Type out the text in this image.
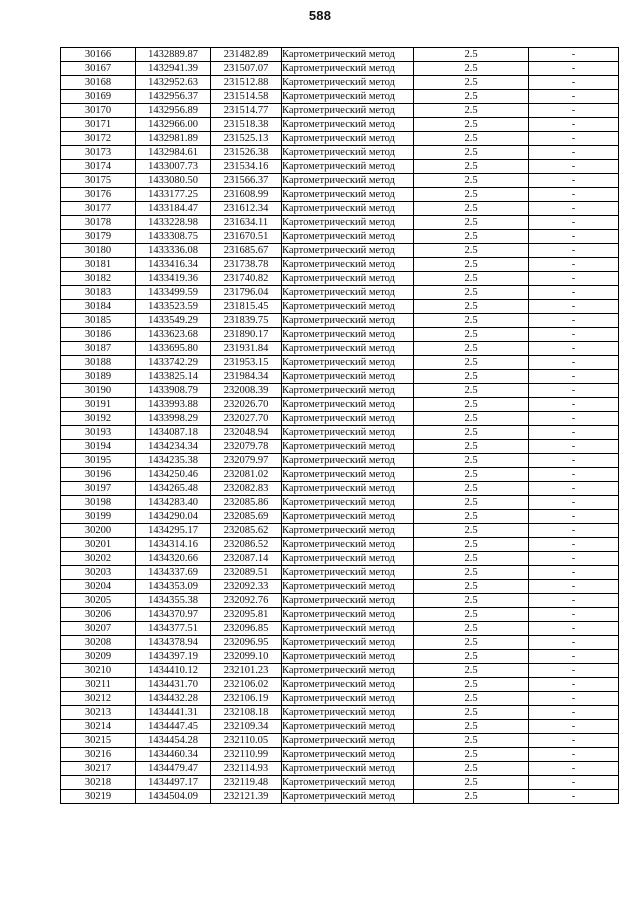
588
30166	1432889.87	231482.89	Картометрический метод	2.5	-
30167	1432941.39	231507.07	Картометрический метод	2.5	-
30168	1432952.63	231512.88	Картометрический метод	2.5	-
30169	1432956.37	231514.58	Картометрический метод	2.5	-
30170	1432956.89	231514.77	Картометрический метод	2.5	-
30171	1432966.00	231518.38	Картометрический метод	2.5	-
30172	1432981.89	231525.13	Картометрический метод	2.5	-
30173	1432984.61	231526.38	Картометрический метод	2.5	-
30174	1433007.73	231534.16	Картометрический метод	2.5	-
30175	1433080.50	231566.37	Картометрический метод	2.5	-
30176	1433177.25	231608.99	Картометрический метод	2.5	-
30177	1433184.47	231612.34	Картометрический метод	2.5	-
30178	1433228.98	231634.11	Картометрический метод	2.5	-
30179	1433308.75	231670.51	Картометрический метод	2.5	-
30180	1433336.08	231685.67	Картометрический метод	2.5	-
30181	1433416.34	231738.78	Картометрический метод	2.5	-
30182	1433419.36	231740.82	Картометрический метод	2.5	-
30183	1433499.59	231796.04	Картометрический метод	2.5	-
30184	1433523.59	231815.45	Картометрический метод	2.5	-
30185	1433549.29	231839.75	Картометрический метод	2.5	-
30186	1433623.68	231890.17	Картометрический метод	2.5	-
30187	1433695.80	231931.84	Картометрический метод	2.5	-
30188	1433742.29	231953.15	Картометрический метод	2.5	-
30189	1433825.14	231984.34	Картометрический метод	2.5	-
30190	1433908.79	232008.39	Картометрический метод	2.5	-
30191	1433993.88	232026.70	Картометрический метод	2.5	-
30192	1433998.29	232027.70	Картометрический метод	2.5	-
30193	1434087.18	232048.94	Картометрический метод	2.5	-
30194	1434234.34	232079.78	Картометрический метод	2.5	-
30195	1434235.38	232079.97	Картометрический метод	2.5	-
30196	1434250.46	232081.02	Картометрический метод	2.5	-
30197	1434265.48	232082.83	Картометрический метод	2.5	-
30198	1434283.40	232085.86	Картометрический метод	2.5	-
30199	1434290.04	232085.69	Картометрический метод	2.5	-
30200	1434295.17	232085.62	Картометрический метод	2.5	-
30201	1434314.16	232086.52	Картометрический метод	2.5	-
30202	1434320.66	232087.14	Картометрический метод	2.5	-
30203	1434337.69	232089.51	Картометрический метод	2.5	-
30204	1434353.09	232092.33	Картометрический метод	2.5	-
30205	1434355.38	232092.76	Картометрический метод	2.5	-
30206	1434370.97	232095.81	Картометрический метод	2.5	-
30207	1434377.51	232096.85	Картометрический метод	2.5	-
30208	1434378.94	232096.95	Картометрический метод	2.5	-
30209	1434397.19	232099.10	Картометрический метод	2.5	-
30210	1434410.12	232101.23	Картометрический метод	2.5	-
30211	1434431.70	232106.02	Картометрический метод	2.5	-
30212	1434432.28	232106.19	Картометрический метод	2.5	-
30213	1434441.31	232108.18	Картометрический метод	2.5	-
30214	1434447.45	232109.34	Картометрический метод	2.5	-
30215	1434454.28	232110.05	Картометрический метод	2.5	-
30216	1434460.34	232110.99	Картометрический метод	2.5	-
30217	1434479.47	232114.93	Картометрический метод	2.5	-
30218	1434497.17	232119.48	Картометрический метод	2.5	-
30219	1434504.09	232121.39	Картометрический метод	2.5	-
